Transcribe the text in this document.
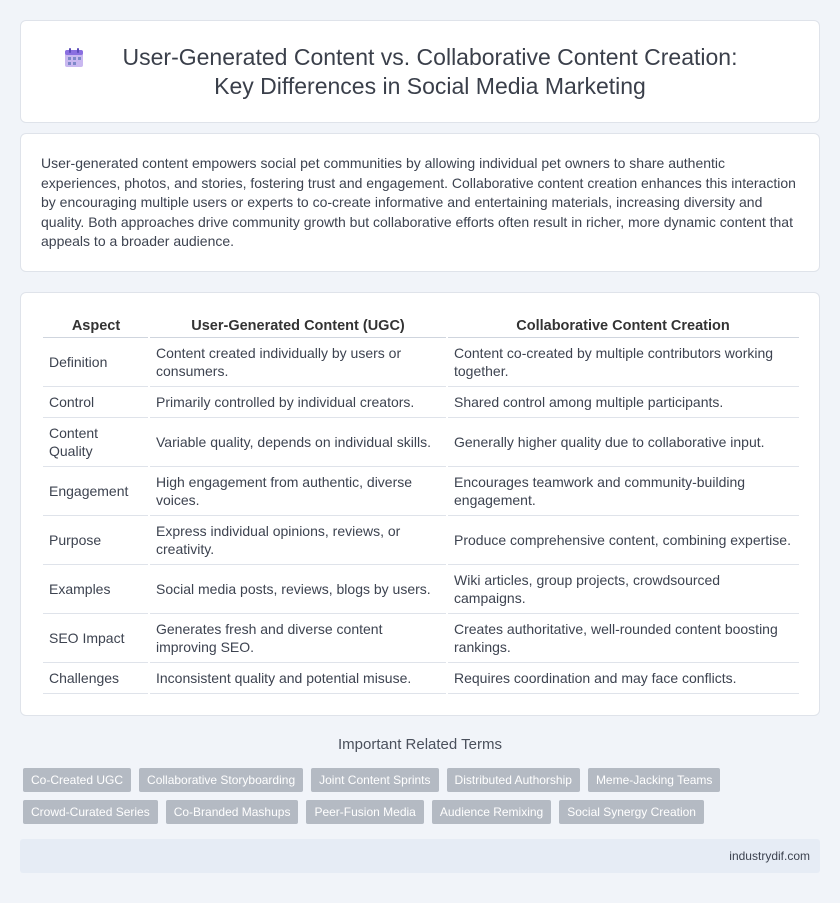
User-Generated Content vs. Collaborative Content Creation: Key Differences in Social Media Marketing

User-generated content empowers social pet communities by allowing individual pet owners to share authentic experiences, photos, and stories, fostering trust and engagement. Collaborative content creation enhances this interaction by encouraging multiple users or experts to co-create informative and entertaining materials, increasing diversity and quality. Both approaches drive community growth but collaborative efforts often result in richer, more dynamic content that appeals to a broader audience.

Aspect	User-Generated Content (UGC)	Collaborative Content Creation
Definition	Content created individually by users or consumers.	Content co-created by multiple contributors working together.
Control	Primarily controlled by individual creators.	Shared control among multiple participants.
Content Quality	Variable quality, depends on individual skills.	Generally higher quality due to collaborative input.
Engagement	High engagement from authentic, diverse voices.	Encourages teamwork and community-building engagement.
Purpose	Express individual opinions, reviews, or creativity.	Produce comprehensive content, combining expertise.
Examples	Social media posts, reviews, blogs by users.	Wiki articles, group projects, crowdsourced campaigns.
SEO Impact	Generates fresh and diverse content improving SEO.	Creates authoritative, well-rounded content boosting rankings.
Challenges	Inconsistent quality and potential misuse.	Requires coordination and may face conflicts.
Important Related Terms
Co-Created UGC	Collaborative Storyboarding	Joint Content Sprints	Distributed Authorship	Meme-Jacking Teams
Crowd-Curated Series	Co-Branded Mashups	Peer-Fusion Media	Audience Remixing	Social Synergy Creation
industrydif.com
